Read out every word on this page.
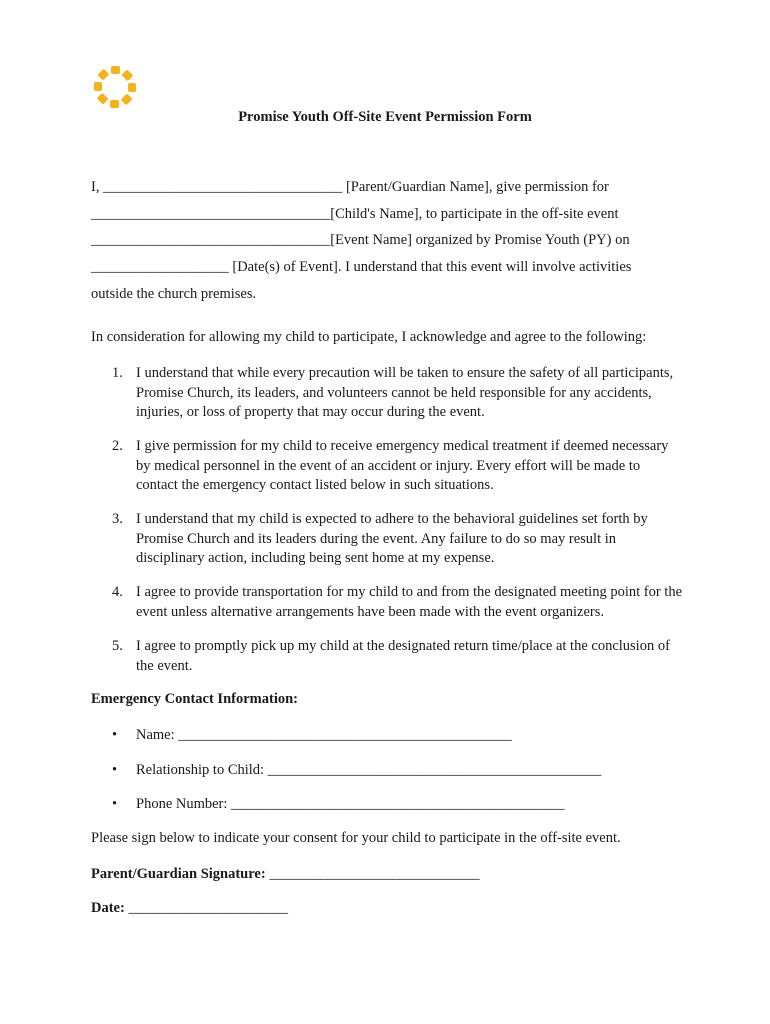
Promise Youth Off-Site Event Permission Form
I, _________________________________ [Parent/Guardian Name], give permission for
_________________________________[Child's Name], to participate in the off-site event
_________________________________[Event Name] organized by Promise Youth (PY) on
___________________ [Date(s) of Event]. I understand that this event will involve activities
outside the church premises.
In consideration for allowing my child to participate, I acknowledge and agree to the following:
1. I understand that while every precaution will be taken to ensure the safety of all participants, Promise Church, its leaders, and volunteers cannot be held responsible for any accidents, injuries, or loss of property that may occur during the event.
2. I give permission for my child to receive emergency medical treatment if deemed necessary by medical personnel in the event of an accident or injury. Every effort will be made to contact the emergency contact listed below in such situations.
3. I understand that my child is expected to adhere to the behavioral guidelines set forth by Promise Church and its leaders during the event. Any failure to do so may result in disciplinary action, including being sent home at my expense.
4. I agree to provide transportation for my child to and from the designated meeting point for the event unless alternative arrangements have been made with the event organizers.
5. I agree to promptly pick up my child at the designated return time/place at the conclusion of the event.
Emergency Contact Information:
• Name: ______________________________________________
• Relationship to Child: ______________________________________________
• Phone Number: ______________________________________________
Please sign below to indicate your consent for your child to participate in the off-site event.
Parent/Guardian Signature: _____________________________
Date: ______________________
